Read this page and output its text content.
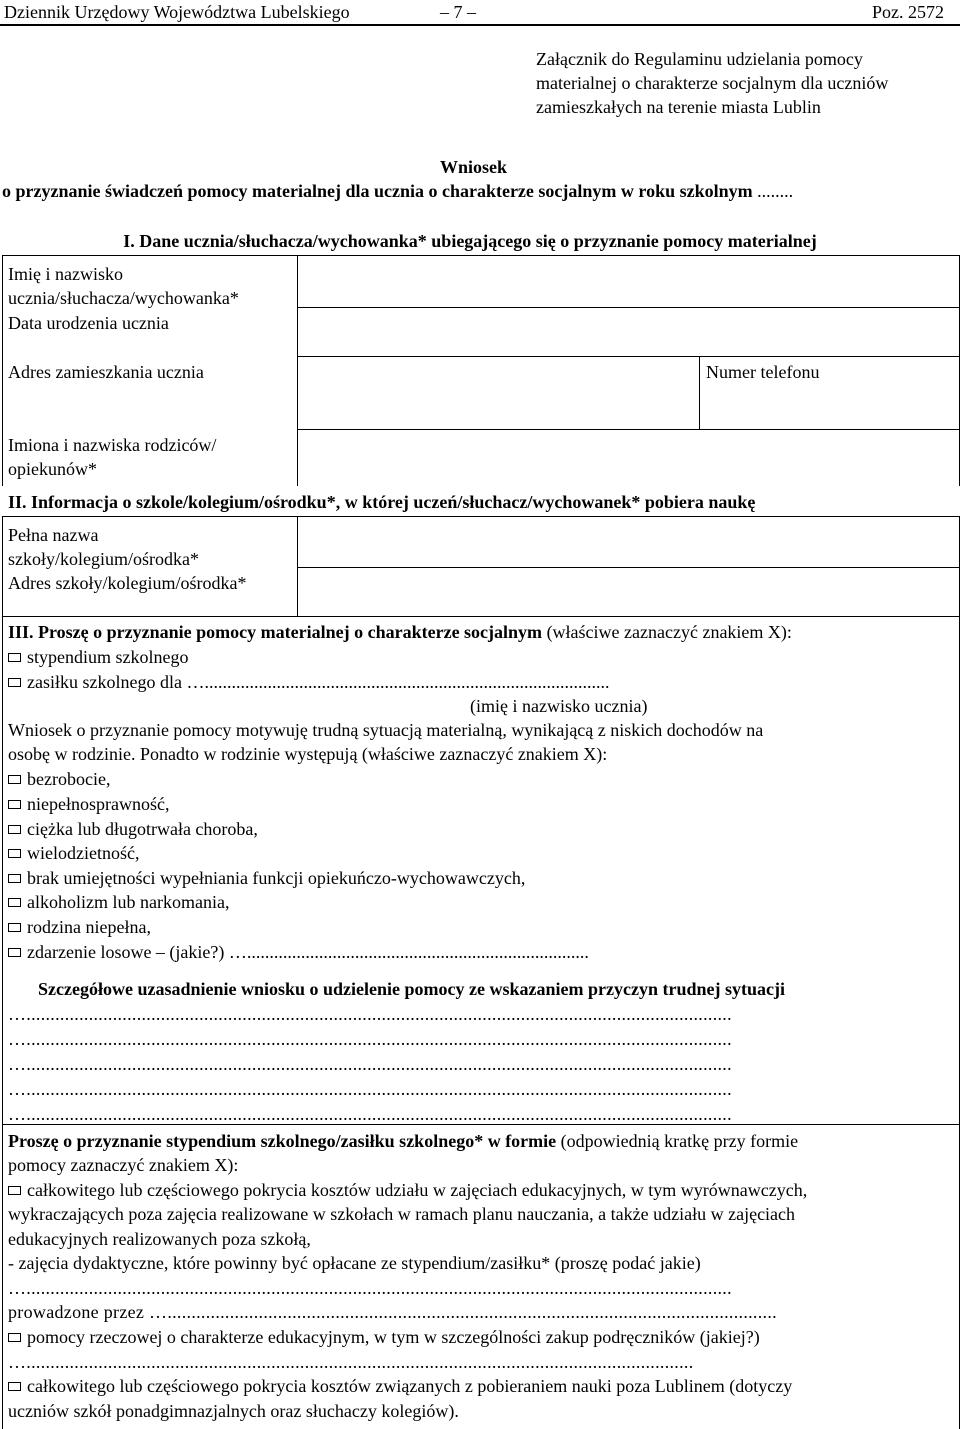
Dziennik Urzędowy Województwa Lubelskiego	– 7 –	Poz. 2572
Załącznik do Regulaminu udzielania pomocy
materialnej o charakterze socjalnym dla uczniów
zamieszkałych na terenie miasta Lublin
Wniosek
o przyznanie świadczeń pomocy materialnej dla ucznia o charakterze socjalnym w roku szkolnym ........
I. Dane ucznia/słuchacza/wychowanka* ubiegającego się o przyznanie pomocy materialnej
Imię i nazwisko
uczniа/słuchacza/wychowanka*
Data urodzenia ucznia
Adres zamieszkania ucznia	Numer telefonu
Imiona i nazwiska rodziców/
opiekunów*
II. Informacja o szkole/kolegium/ośrodku*, w której uczeń/słuchacz/wychowanek* pobiera naukę
Pełna nazwa
szkoły/kolegium/ośrodka*
Adres szkoły/kolegium/ośrodka*
III. Proszę o przyznanie pomocy materialnej o charakterze socjalnym (właściwe zaznaczyć znakiem X):
stypendium szkolnego
zasiłku szkolnego dla …..........................................................................................
(imię i nazwisko ucznia)
Wniosek o przyznanie pomocy motywuję trudną sytuacją materialną, wynikającą z niskich dochodów na
osobę w rodzinie. Ponadto w rodzinie występują (właściwe zaznaczyć znakiem X):
bezrobocie,
niepełnosprawność,
ciężka lub długotrwała choroba,
wielodzietność,
brak umiejętności wypełniania funkcji opiekuńczo-wychowawczych,
alkoholizm lub narkomania,
rodzina niepełna,
zdarzenie losowe – (jakie?) …............................................................................
Szczegółowe uzasadnienie wniosku o udzielenie pomocy ze wskazaniem przyczyn trudnej sytuacji
…...................................................................................................................................................
…...................................................................................................................................................
…...................................................................................................................................................
…...................................................................................................................................................
…...................................................................................................................................................
Proszę o przyznanie stypendium szkolnego/zasiłku szkolnego* w formie (odpowiednią kratkę przy formie
pomocy zaznaczyć znakiem X):
całkowitego lub częściowego pokrycia kosztów udziału w zajęciach edukacyjnych, w tym wyrównawczych,
wykraczających poza zajęcia realizowane w szkołach w ramach planu nauczania, a także udziału w zajęciach
edukacyjnych realizowanych poza szkołą,
- zajęcia dydaktyczne, które powinny być opłacane ze stypendium/zasiłku* (proszę podać jakie)
…...................................................................................................................................................
prowadzone przez …...............................................................................................................................
pomocy rzeczowej o charakterze edukacyjnym, w tym w szczególności zakup podręczników (jakiej?)
…...........................................................................................................................................
całkowitego lub częściowego pokrycia kosztów związanych z pobieraniem nauki poza Lublinem (dotyczy
uczniów szkół ponadgimnazjalnych oraz słuchaczy kolegiów).
